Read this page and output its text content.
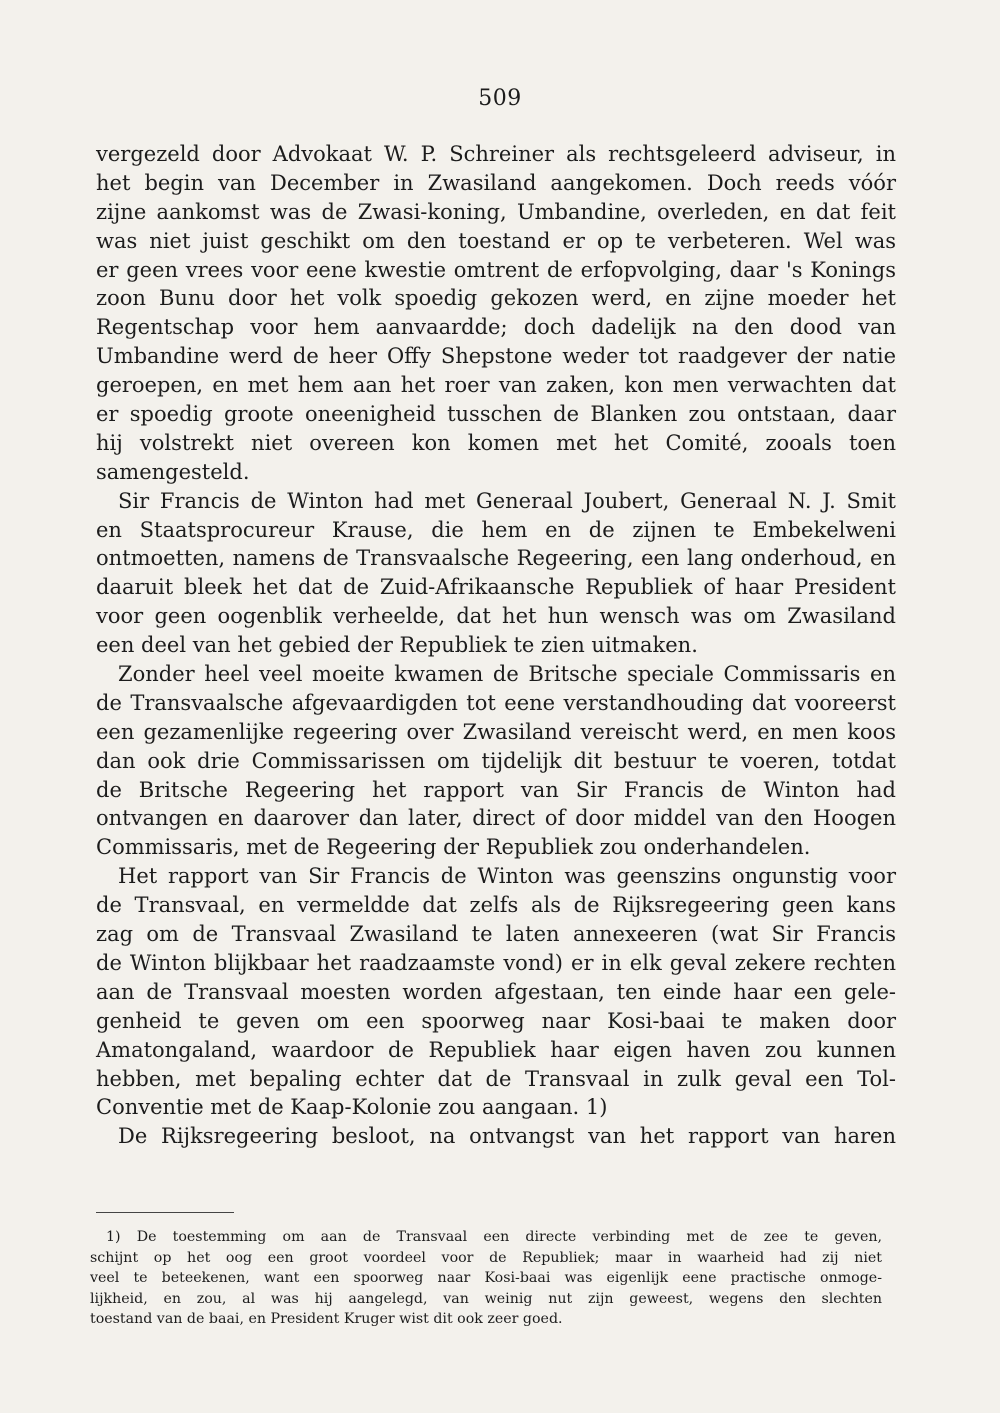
509
vergezeld door Advokaat W. P. Schreiner als rechtsgeleerd adviseur, in
het begin van December in Zwasiland aangekomen. Doch reeds vóór
zijne aankomst was de Zwasi-koning, Umbandine, overleden, en dat feit
was niet juist geschikt om den toestand er op te verbeteren. Wel was
er geen vrees voor eene kwestie omtrent de erfopvolging, daar 's Konings
zoon Bunu door het volk spoedig gekozen werd, en zijne moeder het
Regentschap voor hem aanvaardde; doch dadelijk na den dood van
Umbandine werd de heer Offy Shepstone weder tot raadgever der natie
geroepen, en met hem aan het roer van zaken, kon men verwachten dat
er spoedig groote oneenigheid tusschen de Blanken zou ontstaan, daar
hij volstrekt niet overeen kon komen met het Comité, zooals toen
samengesteld.
Sir Francis de Winton had met Generaal Joubert, Generaal N. J. Smit
en Staatsprocureur Krause, die hem en de zijnen te Embekelweni
ontmoetten, namens de Transvaalsche Regeering, een lang onderhoud, en
daaruit bleek het dat de Zuid-Afrikaansche Republiek of haar President
voor geen oogenblik verheelde, dat het hun wensch was om Zwasiland
een deel van het gebied der Republiek te zien uitmaken.
Zonder heel veel moeite kwamen de Britsche speciale Commissaris en
de Transvaalsche afgevaardigden tot eene verstandhouding dat vooreerst
een gezamenlijke regeering over Zwasiland vereischt werd, en men koos
dan ook drie Commissarissen om tijdelijk dit bestuur te voeren, totdat
de Britsche Regeering het rapport van Sir Francis de Winton had
ontvangen en daarover dan later, direct of door middel van den Hoogen
Commissaris, met de Regeering der Republiek zou onderhandelen.
Het rapport van Sir Francis de Winton was geenszins ongunstig voor
de Transvaal, en vermeldde dat zelfs als de Rijksregeering geen kans
zag om de Transvaal Zwasiland te laten annexeeren (wat Sir Francis
de Winton blijkbaar het raadzaamste vond) er in elk geval zekere rechten
aan de Transvaal moesten worden afgestaan, ten einde haar een gele-
genheid te geven om een spoorweg naar Kosi-baai te maken door
Amatongaland, waardoor de Republiek haar eigen haven zou kunnen
hebben, met bepaling echter dat de Transvaal in zulk geval een Tol-
Conventie met de Kaap-Kolonie zou aangaan. 1)
De Rijksregeering besloot, na ontvangst van het rapport van haren
1) De toestemming om aan de Transvaal een directe verbinding met de zee te geven,
schijnt op het oog een groot voordeel voor de Republiek; maar in waarheid had zij niet
veel te beteekenen, want een spoorweg naar Kosi-baai was eigenlijk eene practische onmoge-
lijkheid, en zou, al was hij aangelegd, van weinig nut zijn geweest, wegens den slechten
toestand van de baai, en President Kruger wist dit ook zeer goed.
